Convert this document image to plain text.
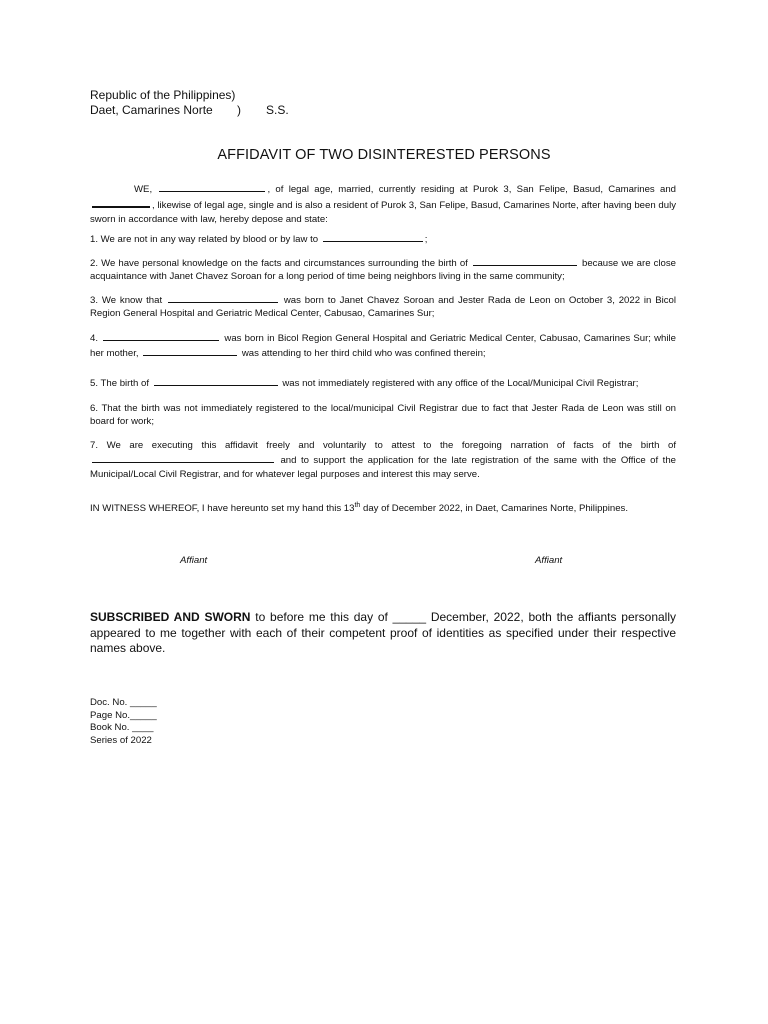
Republic of the Philippines)
Daet, Camarines Norte ) S.S.
AFFIDAVIT OF TWO DISINTERESTED PERSONS
WE,	, of legal age, married, currently residing at Purok 3, San Felipe, Basud, Camarines and , likewise of legal age, single and is also a resident of Purok 3, San Felipe, Basud, Camarines Norte, after having been duly sworn in accordance with law, hereby depose and state:
1. We are not in any way related by blood or by law to	;
2. We have personal knowledge on the facts and circumstances surrounding the birth of	because we are close acquaintance with Janet Chavez Soroan for a long period of time being neighbors living in the same community;
3. We know that	was born to Janet Chavez Soroan and Jester Rada de Leon on October 3, 2022 in Bicol Region General Hospital and Geriatric Medical Center, Cabusao, Camarines Sur;
4.	was born in Bicol Region General Hospital and Geriatric Medical Center, Cabusao, Camarines Sur; while her mother,	was attending to her third child who was confined therein;
5. The birth of	was not immediately registered with any office of the Local/Municipal Civil Registrar;
6. That the birth was not immediately registered to the local/municipal Civil Registrar due to fact that Jester Rada de Leon was still on board for work;
7. We are executing this affidavit freely and voluntarily to attest to the foregoing narration of facts of the birth of  and to support the application for the late registration of the same with the Office of the Municipal/Local Civil Registrar, and for whatever legal purposes and interest this may serve.
IN WITNESS WHEREOF, I have hereunto set my hand this 13th day of December 2022, in Daet, Camarines Norte, Philippines.
Affiant	Affiant
SUBSCRIBED AND SWORN to before me this day of _____ December, 2022, both the affiants personally appeared to me together with each of their competent proof of identities as specified under their respective names above.
Doc. No. _____
Page No._____
Book No. ____
Series of 2022
